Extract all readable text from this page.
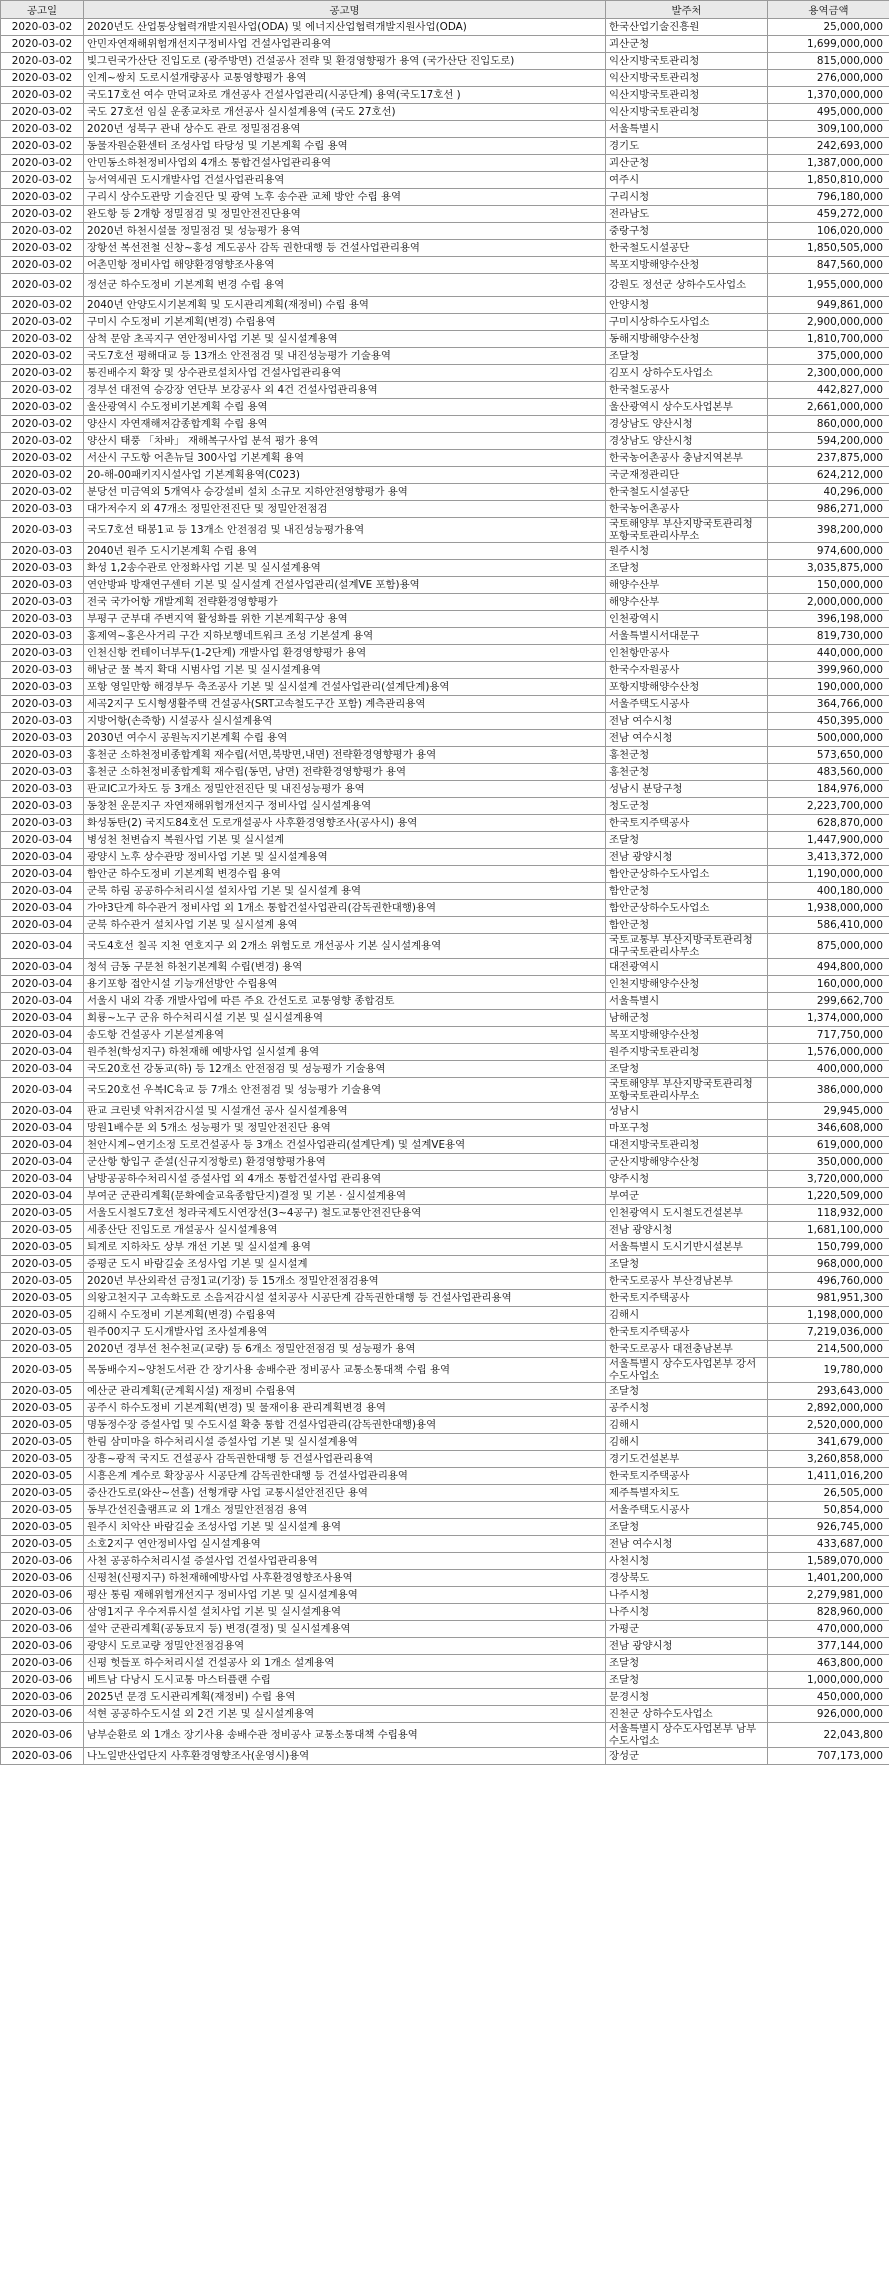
공고일	공고명	발주처	용역금액
2020-03-02	2020년도 산업통상협력개발지원사업(ODA) 및 에너지산업협력개발지원사업(ODA)	한국산업기술진흥원	25,000,000
2020-03-02	안민자연재해위험개선지구정비사업 건설사업관리용역	괴산군청	1,699,000,000
2020-03-02	빛그린국가산단 진입도로 (광주방면) 건설공사 전략 및 환경영향평가 용역 (국가산단 진입도로)	익산지방국토관리청	815,000,000
2020-03-02	인계~쌍치 도로시설개량공사 교통영향평가 용역	익산지방국토관리청	276,000,000
2020-03-02	국도17호선 여수 만덕교차로 개선공사 건설사업관리(시공단계) 용역(국도17호선 )	익산지방국토관리청	1,370,000,000
2020-03-02	국도 27호선 임실 운종교차로 개선공사 실시설계용역 (국도 27호선)	익산지방국토관리청	495,000,000
2020-03-02	2020년 성북구 관내 상수도 관로 정밀점검용역	서울특별시	309,100,000
2020-03-02	동물자원순환센터 조성사업 타당성 및 기본계획 수립 용역	경기도	242,693,000
2020-03-02	안민동소하천정비사업외 4개소 통합건설사업관리용역	괴산군청	1,387,000,000
2020-03-02	능서역세권 도시개발사업 건설사업관리용역	여주시	1,850,810,000
2020-03-02	구리시 상수도관망 기술진단 및 광역 노후 송수관 교체 방안 수립 용역	구리시청	796,180,000
2020-03-02	완도항 등 2개항 정밀점검 및 정밀안전진단용역	전라남도	459,272,000
2020-03-02	2020년 하천시설물 정밀점검 및 성능평가 용역	중랑구청	106,020,000
2020-03-02	장항선 복선전철 신창~홍성 계도공사 감독 권한대행 등 건설사업관리용역	한국철도시설공단	1,850,505,000
2020-03-02	어촌민항 정비사업 해양환경영향조사용역	목포지방해양수산청	847,560,000
2020-03-02	정선군 하수도정비 기본계획 변경 수립 용역	강원도 정선군 상하수도사업소	1,955,000,000
2020-03-02	2040년 안양도시기본계획 및 도시관리계획(재정비) 수립 용역	안양시청	949,861,000
2020-03-02	구미시 수도정비 기본계획(변경) 수립용역	구미시상하수도사업소	2,900,000,000
2020-03-02	삼척 문암 초곡지구 연안정비사업 기본 및 실시설계용역	동해지방해양수산청	1,810,700,000
2020-03-02	국도7호선 평해대교 등 13개소 안전점검 및 내진성능평가 기술용역	조달청	375,000,000
2020-03-02	통진배수지 확장 및 상수관로설치사업 건설사업관리용역	김포시 상하수도사업소	2,300,000,000
2020-03-02	경부선 대전역 승강장 연단부 보강공사 외 4건 건설사업관리용역	한국철도공사	442,827,000
2020-03-02	울산광역시 수도정비기본계획 수립 용역	울산광역시 상수도사업본부	2,661,000,000
2020-03-02	양산시 자연재해저감종합계획 수립 용역	경상남도 양산시청	860,000,000
2020-03-02	양산시 태풍 「차바」 재해복구사업 분석 평가 용역	경상남도 양산시청	594,200,000
2020-03-02	서산시 구도항 어촌뉴딜 300사업 기본계획 용역	한국농어촌공사 충남지역본부	237,875,000
2020-03-02	20-해-00패키지시설사업 기본계획용역(C023)	국군재정관리단	624,212,000
2020-03-02	분당선 미금역외 5개역사 승강설비 설치 소규모 지하안전영향평가 용역	한국철도시설공단	40,296,000
2020-03-03	대가저수지 외 47개소 정밀안전진단 및 정밀안전점검	한국농어촌공사	986,271,000
2020-03-03	국도7호선 태봉1교 등 13개소 안전점검 및 내진성능평가용역	국토해양부 부산지방국토관리청 포항국토관리사무소	398,200,000
2020-03-03	2040년 원주 도시기본계획 수립 용역	원주시청	974,600,000
2020-03-03	화성 1,2송수관로 안정화사업 기본 및 실시설계용역	조달청	3,035,875,000
2020-03-03	연안방파 방재연구센터 기본 및 실시설계 건설사업관리(설계VE 포함)용역	해양수산부	150,000,000
2020-03-03	전국 국가어항 개발계획 전략환경영향평가	해양수산부	2,000,000,000
2020-03-03	부평구 군부대 주변지역 활성화를 위한 기본계획구상 용역	인천광역시	396,198,000
2020-03-03	홍제역~홍은사거리 구간 지하보행네트워크 조성 기본설계 용역	서울특별시서대문구	819,730,000
2020-03-03	인천신항 컨테이너부두(1-2단계) 개발사업 환경영향평가 용역	인천항만공사	440,000,000
2020-03-03	해남군 물 복지 확대 시범사업 기본 및 실시설계용역	한국수자원공사	399,960,000
2020-03-03	포항 영일만항 해경부두 축조공사 기본 및 실시설계 건설사업관리(설계단계)용역	포항지방해양수산청	190,000,000
2020-03-03	세곡2지구 도시형생활주택 건설공사(SRT고속철도구간 포함) 계측관리용역	서울주택도시공사	364,766,000
2020-03-03	지방어항(손죽항) 시설공사 실시설계용역	전남 여수시청	450,395,000
2020-03-03	2030년 여수시 공원녹지기본계획 수립 용역	전남 여수시청	500,000,000
2020-03-03	홍천군 소하천정비종합계획 재수립(서면,북방면,내면) 전략환경영향평가 용역	홍천군청	573,650,000
2020-03-03	홍천군 소하천정비종합계획 재수립(동면, 남면) 전략환경영향평가 용역	홍천군청	483,560,000
2020-03-03	판교IC고가차도 등 3개소 정밀안전진단 및 내진성능평가 용역	성남시 분당구청	184,976,000
2020-03-03	동창천 운문지구 자연재해위험개선지구 정비사업 실시설계용역	청도군청	2,223,700,000
2020-03-03	화성동탄(2) 국지도84호선 도로개설공사 사후환경영향조사(공사시) 용역	한국토지주택공사	628,870,000
2020-03-04	병성천 천변습지 복원사업 기본 및 실시설계	조달청	1,447,900,000
2020-03-04	광양시 노후 상수관망 정비사업 기본 및 실시설계용역	전남 광양시청	3,413,372,000
2020-03-04	함안군 하수도정비 기본계획 변경수립 용역	함안군상하수도사업소	1,190,000,000
2020-03-04	군북 하림 공공하수처리시설 설치사업 기본 및 실시설계 용역	함안군청	400,180,000
2020-03-04	가야3단계 하수관거 정비사업 외 1개소 통합건설사업관리(감독권한대행)용역	함안군상하수도사업소	1,938,000,000
2020-03-04	군북 하수관거 설치사업 기본 및 실시설계 용역	함안군청	586,410,000
2020-03-04	국도4호선 칠곡 지천 연호지구 외 2개소 위험도로 개선공사 기본 실시설계용역	국토교통부 부산지방국토관리청 대구국토관리사무소	875,000,000
2020-03-04	청석 금동 구문천 하천기본계획 수립(변경) 용역	대전광역시	494,800,000
2020-03-04	용기포항 접안시설 기능개선방안 수립용역	인천지방해양수산청	160,000,000
2020-03-04	서울시 내외 각종 개발사업에 따른 주요 간선도로 교통영향 종합검토	서울특별시	299,662,700
2020-03-04	회룡~노구 군유 하수처리시설 기본 및 실시설계용역	남해군청	1,374,000,000
2020-03-04	송도항 건설공사 기본설계용역	목포지방해양수산청	717,750,000
2020-03-04	원주천(학성지구) 하천재해 예방사업 실시설계 용역	원주지방국토관리청	1,576,000,000
2020-03-04	국도20호선 강동교(하) 등 12개소 안전점검 및 성능평가 기술용역	조달청	400,000,000
2020-03-04	국도20호선 우복IC육교 등 7개소 안전점검 및 성능평가 기술용역	국토해양부 부산지방국토관리청 포항국토관리사무소	386,000,000
2020-03-04	판교 크린넷 악취저감시설 및 시설개선 공사 실시설계용역	성남시	29,945,000
2020-03-04	망원1배수문 외 5개소 성능평가 및 정밀안전진단 용역	마포구청	346,608,000
2020-03-04	천안시계~연기소정 도로건설공사 등 3개소 건설사업관리(설계단계) 및 설계VE용역	대전지방국토관리청	619,000,000
2020-03-04	군산항 항입구 준설(신규지정항로) 환경영향평가용역	군산지방해양수산청	350,000,000
2020-03-04	남방공공하수처리시설 증설사업 외 4개소 통합건설사업 관리용역	양주시청	3,720,000,000
2020-03-04	부여군 군관리계획(문화예술교육종합단지)결정 및 기본 · 실시설계용역	부여군	1,220,509,000
2020-03-05	서울도시철도7호선 청라국제도시연장선(3~4공구) 철도교통안전진단용역	인천광역시 도시철도건설본부	118,932,000
2020-03-05	세종산단 진입도로 개설공사 실시설계용역	전남 광양시청	1,681,100,000
2020-03-05	퇴계로 지하차도 상부 개선 기본 및 실시설계 용역	서울특별시 도시기반시설본부	150,799,000
2020-03-05	증평군 도시 바람길숲 조성사업 기본 및 실시설계	조달청	968,000,000
2020-03-05	2020년 부산외곽선 금정1교(기장) 등 15개소 정밀안전점검용역	한국도로공사 부산경남본부	496,760,000
2020-03-05	의왕고천지구 고속화도로 소음저감시설 설치공사 시공단계 감독권한대행 등 건설사업관리용역	한국토지주택공사	981,951,300
2020-03-05	김해시 수도정비 기본계획(변경) 수립용역	김해시	1,198,000,000
2020-03-05	원주00지구 도시개발사업 조사설계용역	한국토지주택공사	7,219,036,000
2020-03-05	2020년 경부선 천수천교(교량) 등 6개소 정밀안전점검 및 성능평가 용역	한국도로공사 대전충남본부	214,500,000
2020-03-05	목동배수지~양천도서관 간 장기사용 송배수관 정비공사 교통소통대책 수립 용역	서울특별시 상수도사업본부 강서수도사업소	19,780,000
2020-03-05	예산군 관리계획(군계획시설) 재정비 수립용역	조달청	293,643,000
2020-03-05	공주시 하수도정비 기본계획(변경) 및 물재이용 관리계획변경 용역	공주시청	2,892,000,000
2020-03-05	명동정수장 증설사업 및 수도시설 확충 통합 건설사업관리(감독권한대행)용역	김해시	2,520,000,000
2020-03-05	한림 삼미마을 하수처리시설 증설사업 기본 및 실시설계용역	김해시	341,679,000
2020-03-05	장흥~광적 국지도 건설공사 감독권한대행 등 건설사업관리용역	경기도건설본부	3,260,858,000
2020-03-05	시흥은계 계수로 확장공사 시공단계 감독권한대행 등 건설사업관리용역	한국토지주택공사	1,411,016,200
2020-03-05	중산간도로(와산~선흘) 선형개량 사업 교통시설안전진단 용역	제주특별자치도	26,505,000
2020-03-05	동부간선진출램프교 외 1개소 정밀안전점검 용역	서울주택도시공사	50,854,000
2020-03-05	원주시 치악산 바람길숲 조성사업 기본 및 실시설계 용역	조달청	926,745,000
2020-03-05	소호2지구 연안정비사업 실시설계용역	전남 여수시청	433,687,000
2020-03-06	사천 공공하수처리시설 증설사업 건설사업관리용역	사천시청	1,589,070,000
2020-03-06	신평천(신평지구) 하천재해예방사업 사후환경영향조사용역	경상북도	1,401,200,000
2020-03-06	평산 통림 재해위험개선지구 정비사업 기본 및 실시설계용역	나주시청	2,279,981,000
2020-03-06	삼영1지구 우수저류시설 설치사업 기본 및 실시설계용역	나주시청	828,960,000
2020-03-06	설악 군관리계획(공동묘지 등) 변경(결정) 및 실시설계용역	가평군	470,000,000
2020-03-06	광양시 도로교량 정밀안전점검용역	전남 광양시청	377,144,000
2020-03-06	신평 헛들포 하수처리시설 건설공사 외 1개소 설계용역	조달청	463,800,000
2020-03-06	베트남 다낭시 도시교통 마스터플랜 수립	조달청	1,000,000,000
2020-03-06	2025년 문경 도시관리계획(재정비) 수립 용역	문경시청	450,000,000
2020-03-06	석현 공공하수도시설 외 2건 기본 및 실시설계용역	진천군 상하수도사업소	926,000,000
2020-03-06	남부순환로 외 1개소 장기사용 송배수관 정비공사 교통소통대책 수립용역	서울특별시 상수도사업본부 남부수도사업소	22,043,800
2020-03-06	나노일반산업단지 사후환경영향조사(운영시)용역	장성군	707,173,000
